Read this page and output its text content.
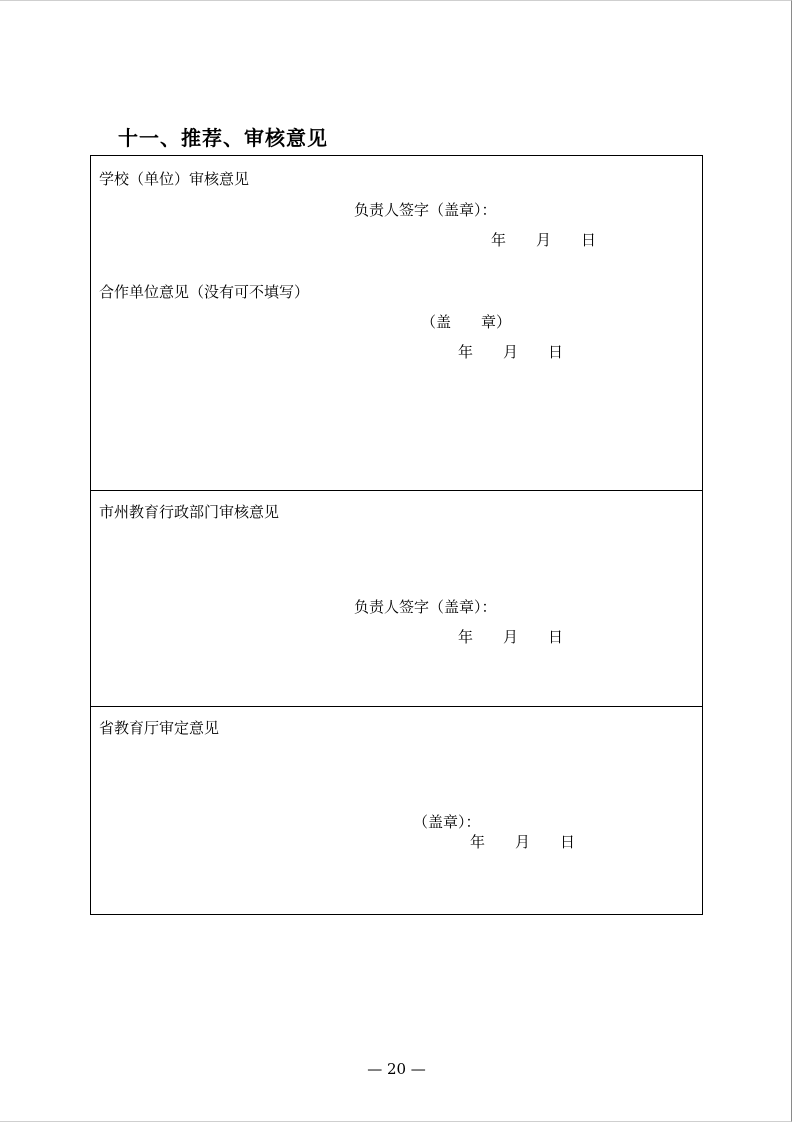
十一、推荐、审核意见
学校（单位）审核意见
负责人签字（盖章）：
年　　月　　日
合作单位意见（没有可不填写）
（盖　　章）
年　　月　　日
市州教育行政部门审核意见
负责人签字（盖章）：
年　　月　　日
省教育厅审定意见
（盖章）：
年　　月　　日
— 20 —
